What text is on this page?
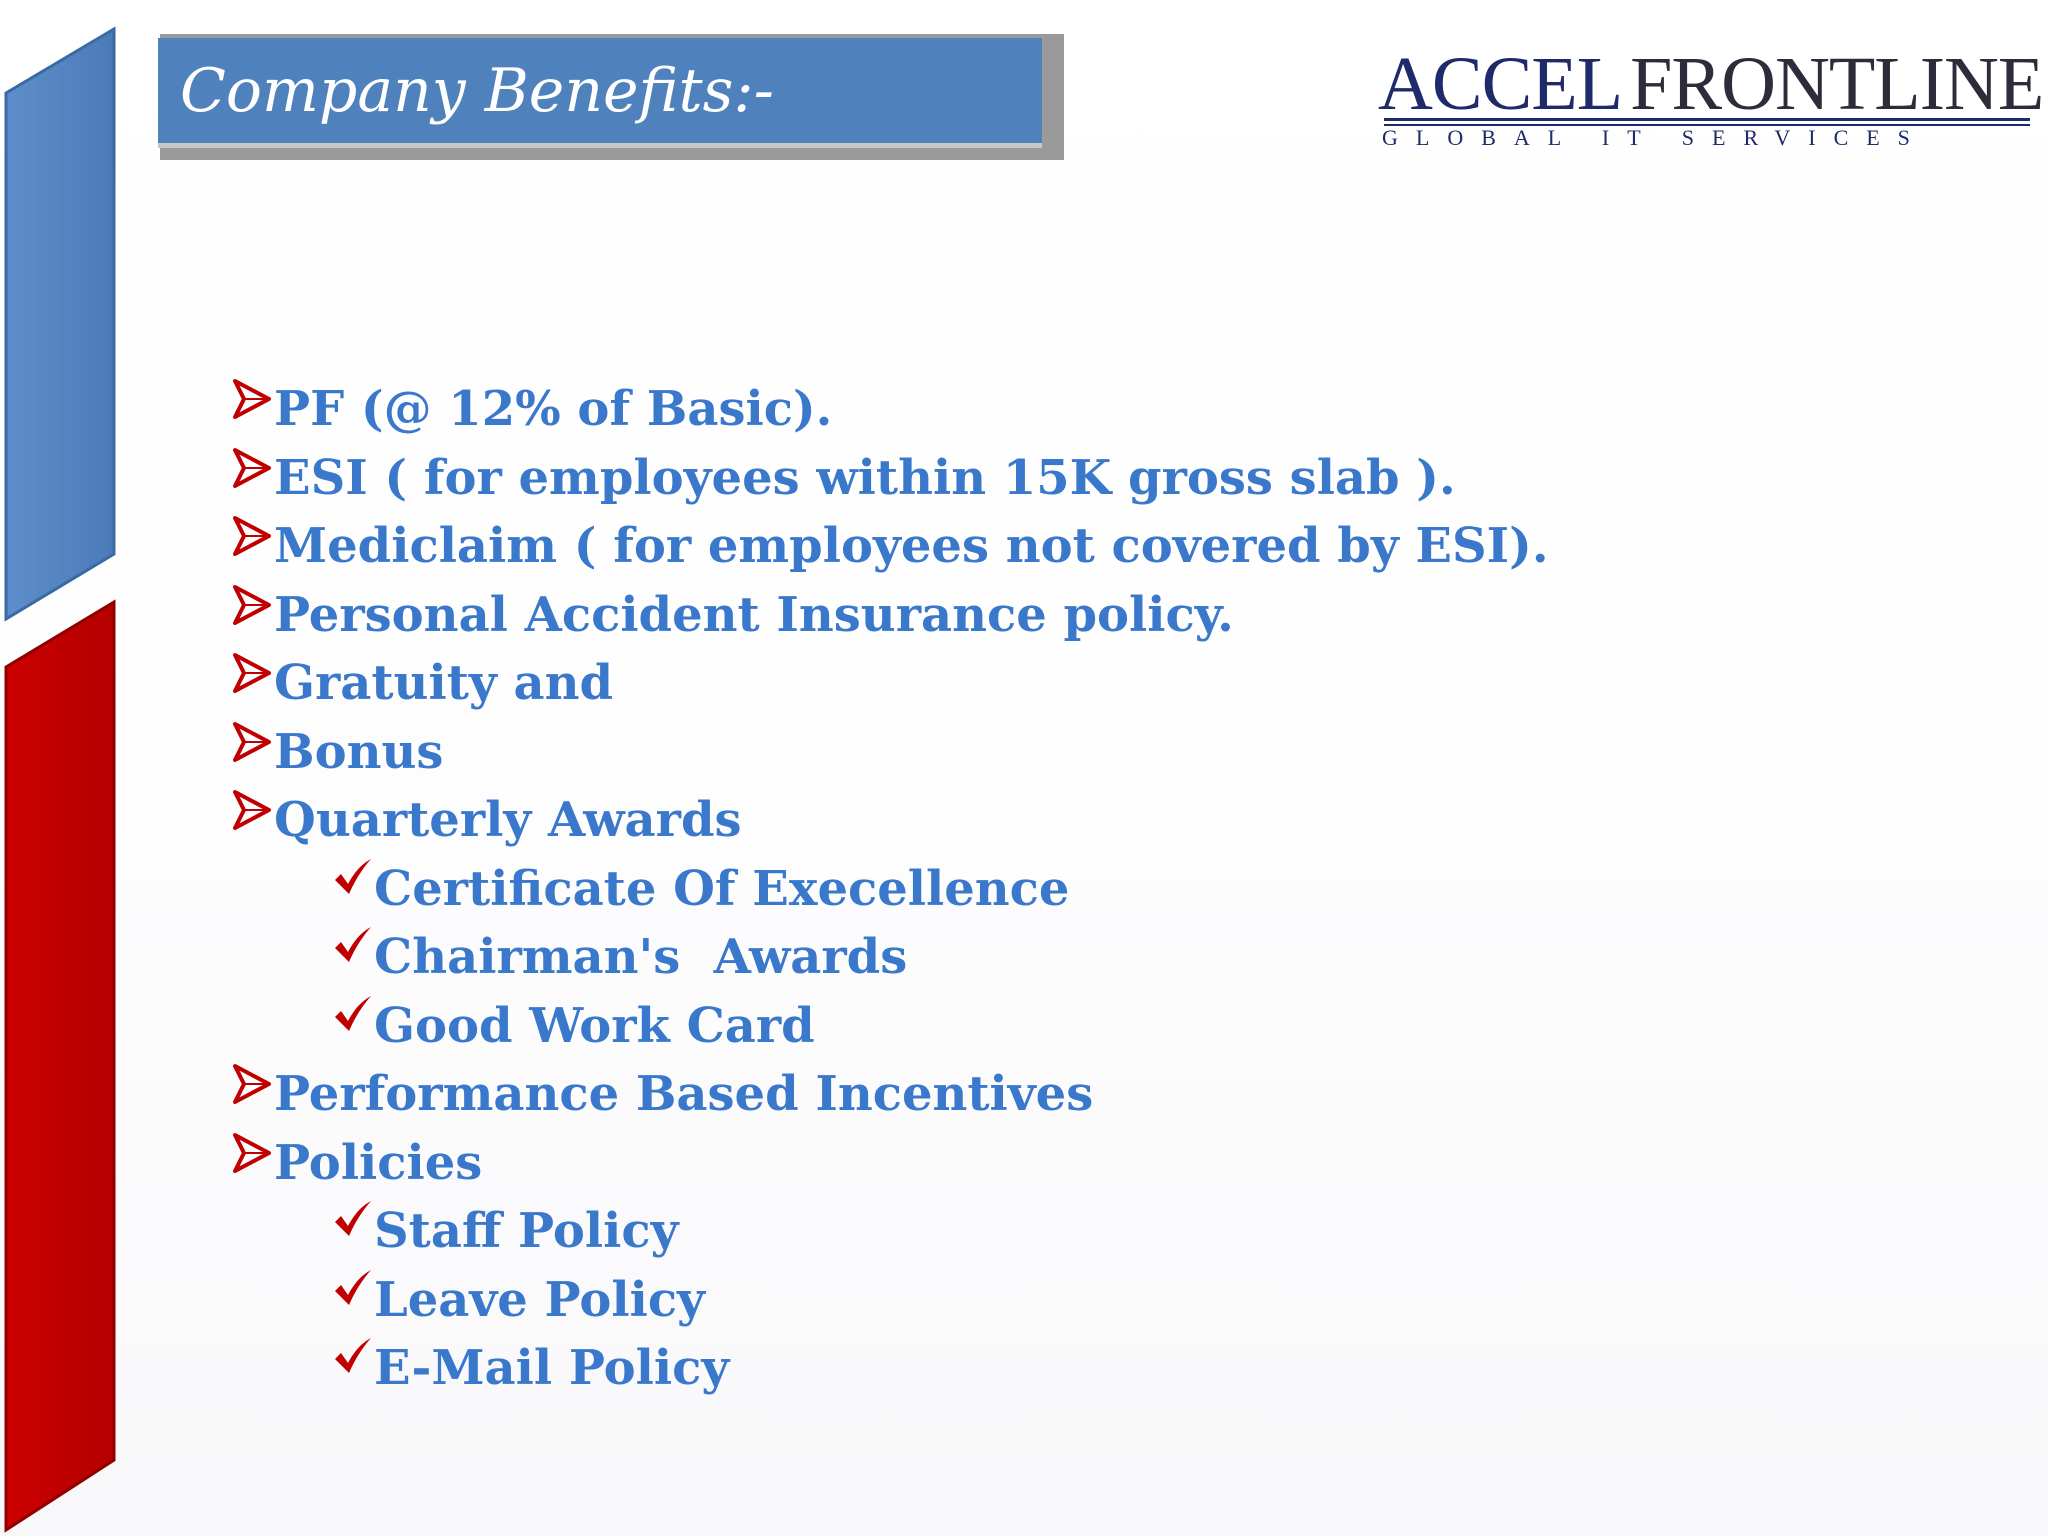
Company Benefits:-	ACCEL FRONTLINE
GLOBAL IT SERVICES
PF (@ 12% of Basic).
ESI ( for employees within 15K gross slab ).
Mediclaim ( for employees not covered by ESI).
Personal Accident Insurance policy.
Gratuity and
Bonus
Quarterly Awards
Certificate Of Execellence
Chairman's  Awards
Good Work Card
Performance Based Incentives
Policies
Staff Policy
Leave Policy
E-Mail Policy
